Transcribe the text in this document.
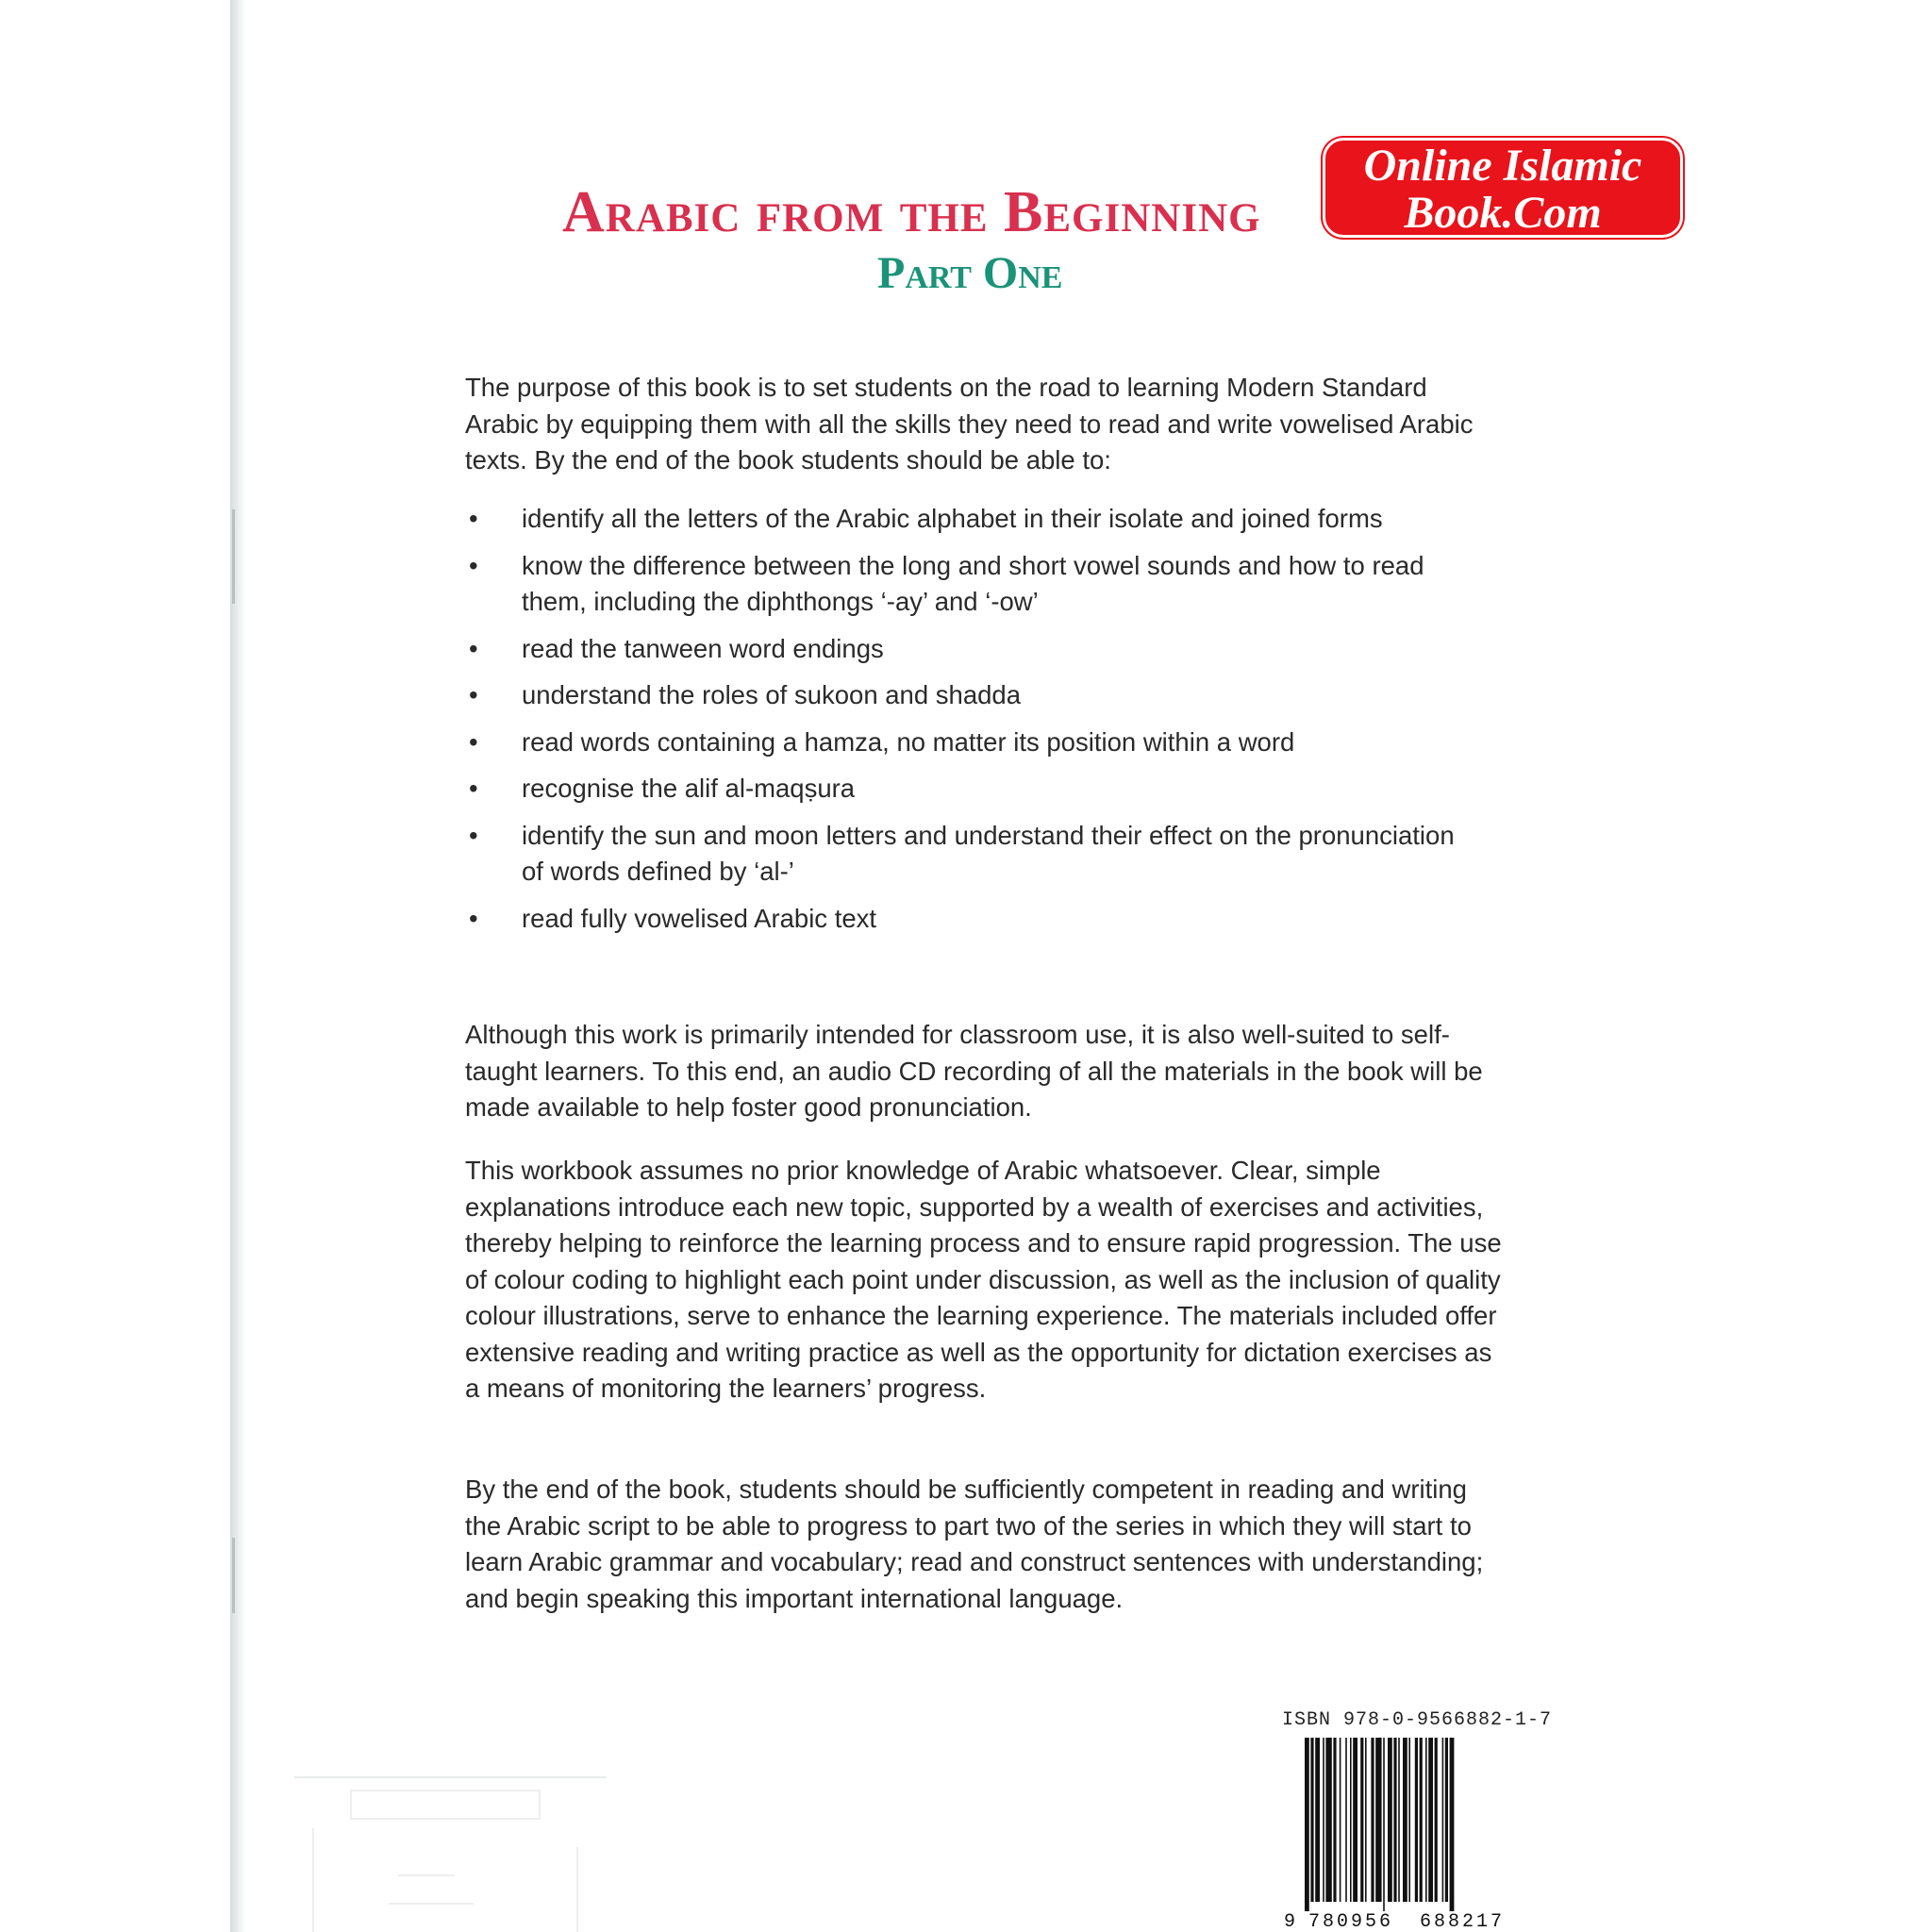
Arabic from the Beginning
Part One
Online Islamic
Book.Com

The purpose of this book is to set students on the road to learning Modern Standard Arabic by equipping them with all the skills they need to read and write vowelised Arabic texts. By the end of the book students should be able to:

• identify all the letters of the Arabic alphabet in their isolate and joined forms
• know the difference between the long and short vowel sounds and how to read them, including the diphthongs ‘-ay’ and ‘-ow’
• read the tanween word endings
• understand the roles of sukoon and shadda
• read words containing a hamza, no matter its position within a word
• recognise the alif al-maqṣura
• identify the sun and moon letters and understand their effect on the pronunciation of words defined by ‘al-’
• read fully vowelised Arabic text

Although this work is primarily intended for classroom use, it is also well-suited to self-taught learners. To this end, an audio CD recording of all the materials in the book will be made available to help foster good pronunciation.

This workbook assumes no prior knowledge of Arabic whatsoever. Clear, simple explanations introduce each new topic, supported by a wealth of exercises and activities, thereby helping to reinforce the learning process and to ensure rapid progression. The use of colour coding to highlight each point under discussion, as well as the inclusion of quality colour illustrations, serve to enhance the learning experience. The materials included offer extensive reading and writing practice as well as the opportunity for dictation exercises as a means of monitoring the learners’ progress.

By the end of the book, students should be sufficiently competent in reading and writing the Arabic script to be able to progress to part two of the series in which they will start to learn Arabic grammar and vocabulary; read and construct sentences with understanding; and begin speaking this important international language.

ISBN 978-0-9566882-1-7
9 780956 688217
